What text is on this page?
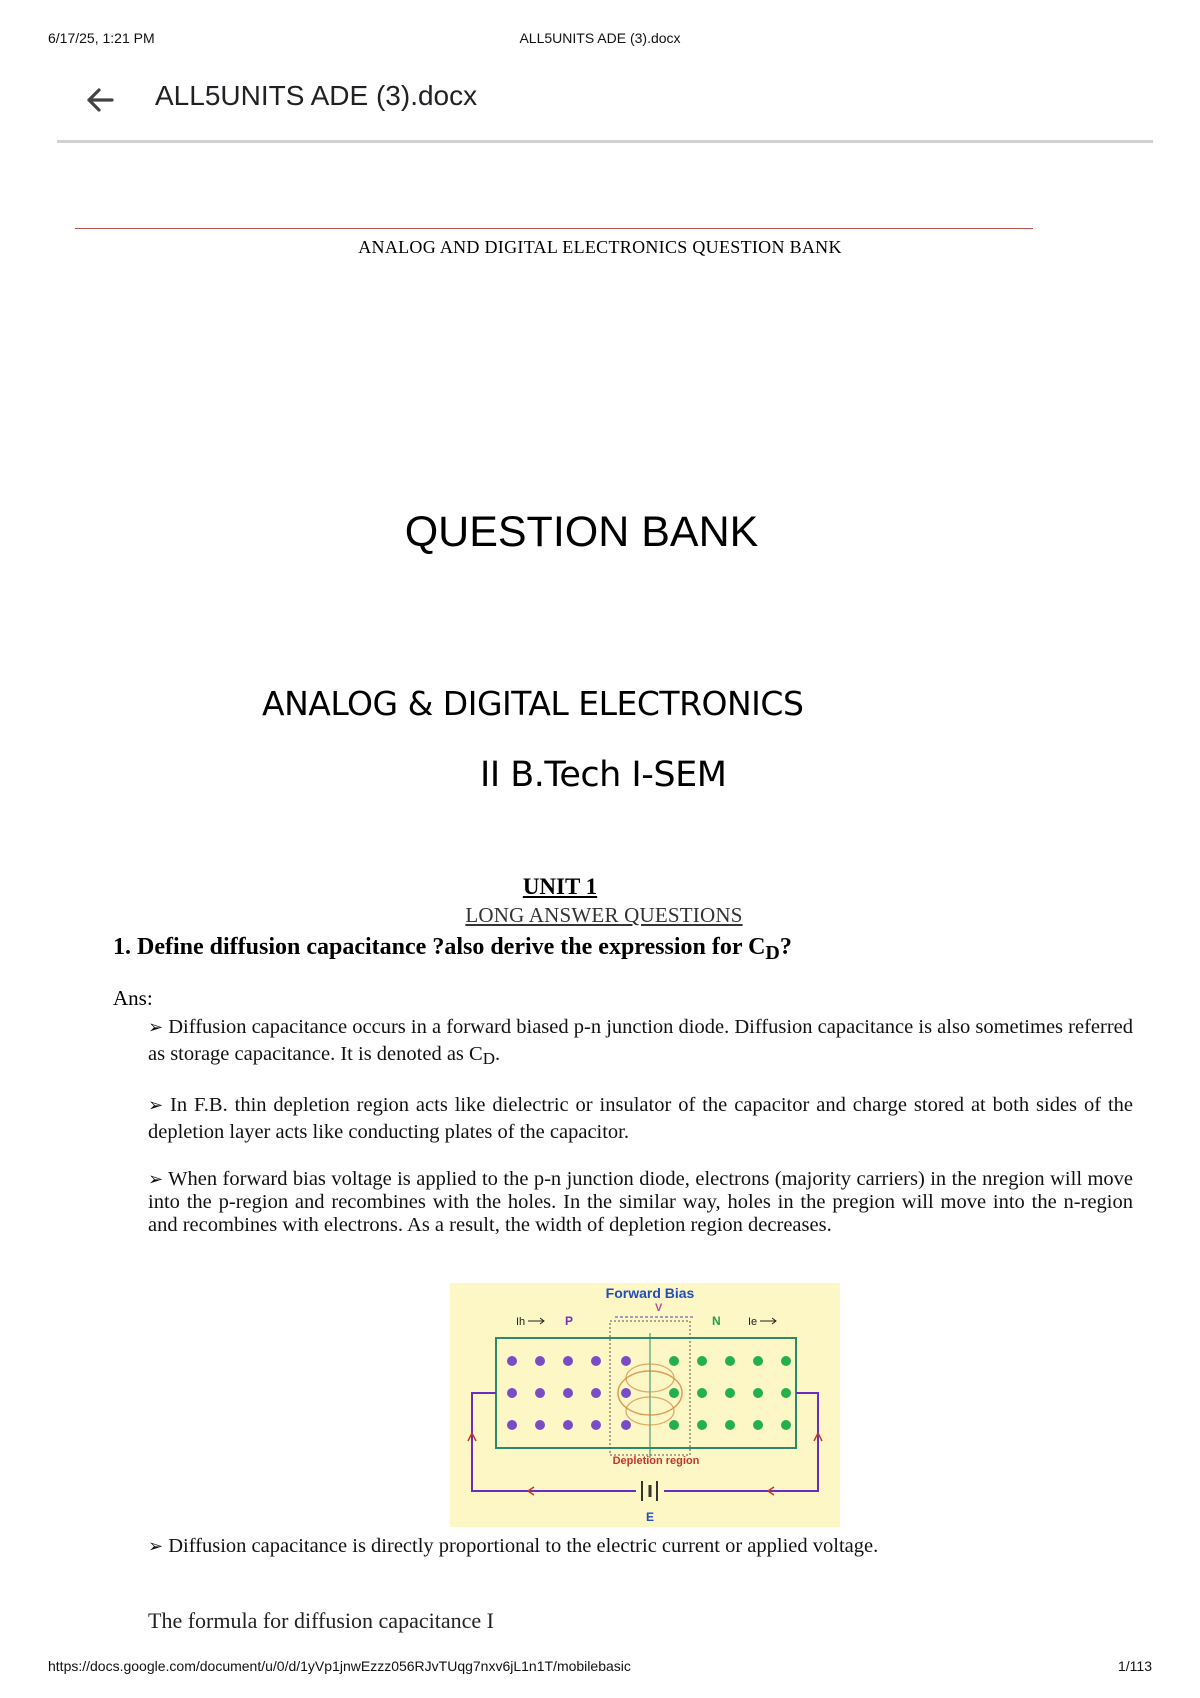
6/17/25, 1:21 PM	ALL5UNITS ADE (3).docx
ALL5UNITS ADE (3).docx
ANALOG AND DIGITAL ELECTRONICS QUESTION BANK
QUESTION BANK
ANALOG & DIGITAL ELECTRONICS
II B.Tech I-SEM
UNIT 1
LONG ANSWER QUESTIONS
1. Define diffusion capacitance ?also derive the expression for $C_D$?
Ans:
➢ Diffusion capacitance occurs in a forward biased p-n junction diode. Diffusion capacitance is also sometimes referred as storage capacitance. It is denoted as $C_D$.
➢ In F.B. thin depletion region acts like dielectric or insulator of the capacitor and charge stored at both sides of the depletion layer acts like conducting plates of the capacitor.
➢ When forward bias voltage is applied to the p-n junction diode, electrons (majority carriers) in the nregion will move into the p-region and recombines with the holes. In the similar way, holes in the pregion will move into the n-region and recombines with electrons. As a result, the width of depletion region decreases.
Forward Bias
Ih	P
V
N Ie
Depletion region
E
➢ Diffusion capacitance is directly proportional to the electric current or applied voltage.
The formula for diffusion capacitance I
https://docs.google.com/document/u/0/d/1yVp1jnwEzzz056RJvTUqg7nxv6jL1n1T/mobilebasic	1/113
